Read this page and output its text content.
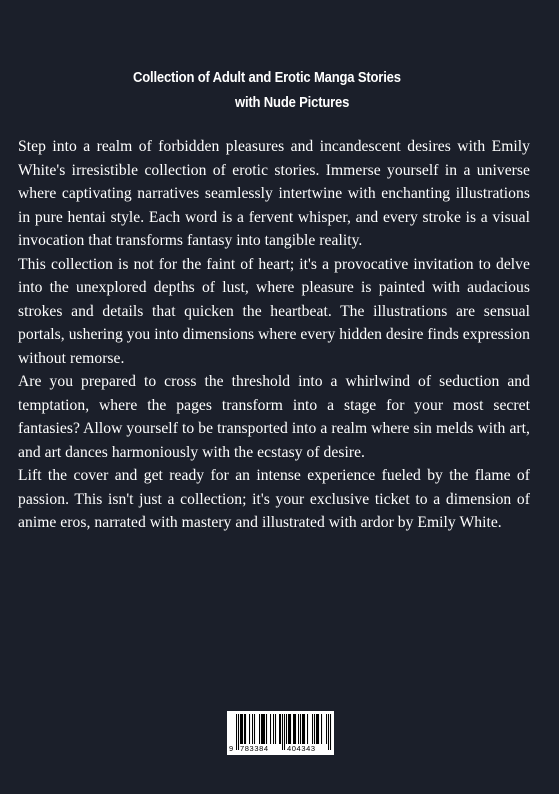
Collection of Adult and Erotic Manga Stories
with Nude Pictures

Step into a realm of forbidden pleasures and incandescent desires with Emily White's irresistible collection of erotic stories. Immerse yourself in a universe where captivating narratives seamlessly intertwine with enchanting illustrations in pure hentai style. Each word is a fervent whisper, and every stroke is a visual invocation that transforms fantasy into tangible reality.

This collection is not for the faint of heart; it's a provocative invitation to delve into the unexplored depths of lust, where pleasure is painted with audacious strokes and details that quicken the heartbeat. The illustrations are sensual portals, ushering you into dimensions where every hidden desire finds expression without remorse.

Are you prepared to cross the threshold into a whirlwind of seduction and temptation, where the pages transform into a stage for your most secret fantasies? Allow yourself to be transported into a realm where sin melds with art, and art dances harmoniously with the ecstasy of desire.

Lift the cover and get ready for an intense experience fueled by the flame of passion. This isn't just a collection; it's your exclusive ticket to a dimension of anime eros, narrated with mastery and illustrated with ardor by Emily White.

9 783384 404343
